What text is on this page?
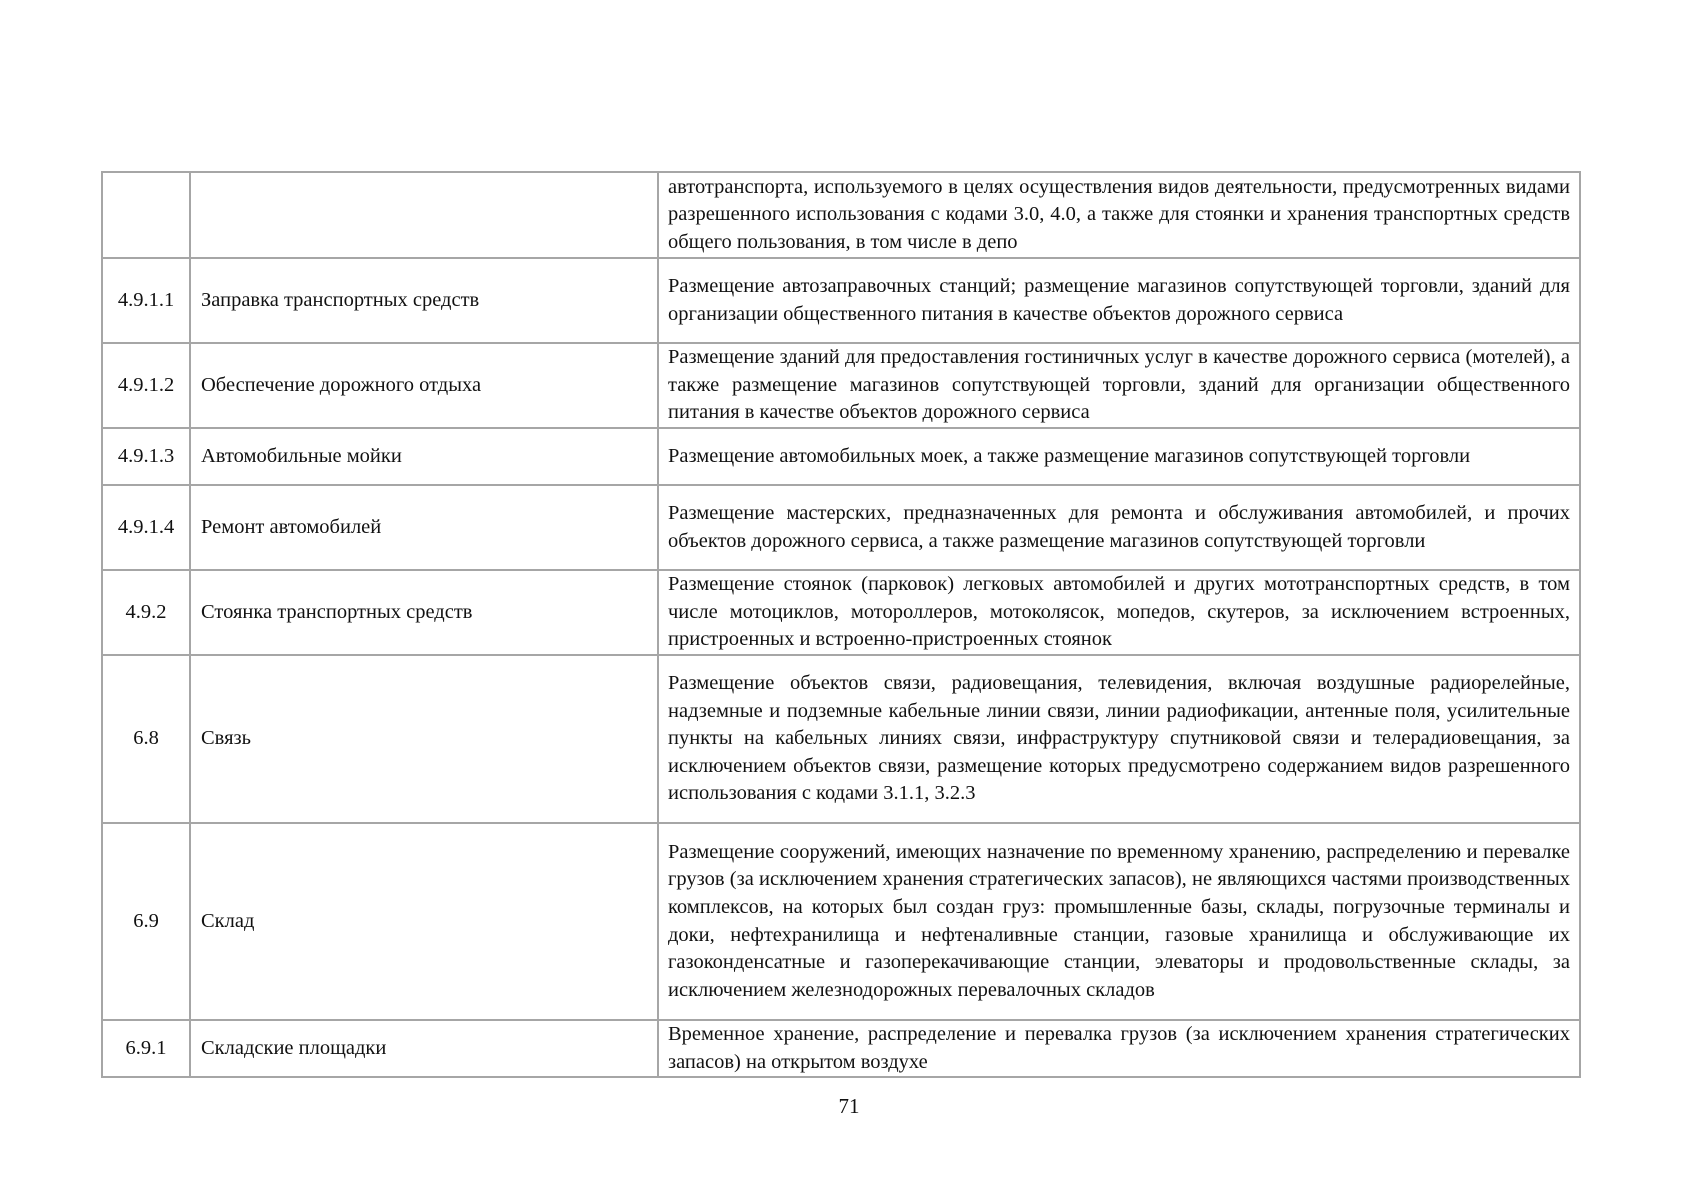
		автотранспорта, используемого в целях осуществления видов деятельности, предусмотренных видами разрешенного использования с кодами 3.0, 4.0, а также для стоянки и хранения транспортных средств общего пользования, в том числе в депо
4.9.1.1	Заправка транспортных средств	Размещение автозаправочных станций; размещение магазинов сопутствующей торговли, зданий для организации общественного питания в качестве объектов дорожного сервиса
4.9.1.2	Обеспечение дорожного отдыха	Размещение зданий для предоставления гостиничных услуг в качестве дорожного сервиса (мотелей), а также размещение магазинов сопутствующей торговли, зданий для организации общественного питания в качестве объектов дорожного сервиса
4.9.1.3	Автомобильные мойки	Размещение автомобильных моек, а также размещение магазинов сопутствующей торговли
4.9.1.4	Ремонт автомобилей	Размещение мастерских, предназначенных для ремонта и обслуживания автомобилей, и прочих объектов дорожного сервиса, а также размещение магазинов сопутствующей торговли
4.9.2	Стоянка транспортных средств	Размещение стоянок (парковок) легковых автомобилей и других мототранспортных средств, в том числе мотоциклов, мотороллеров, мотоколясок, мопедов, скутеров, за исключением встроенных, пристроенных и встроенно-пристроенных стоянок
6.8	Связь	Размещение объектов связи, радиовещания, телевидения, включая воздушные радиорелейные, надземные и подземные кабельные линии связи, линии радиофикации, антенные поля, усилительные пункты на кабельных линиях связи, инфраструктуру спутниковой связи и телерадиовещания, за исключением объектов связи, размещение которых предусмотрено содержанием видов разрешенного использования с кодами 3.1.1, 3.2.3
6.9	Склад	Размещение сооружений, имеющих назначение по временному хранению, распределению и перевалке грузов (за исключением хранения стратегических запасов), не являющихся частями производственных комплексов, на которых был создан груз: промышленные базы, склады, погрузочные терминалы и доки, нефтехранилища и нефтеналивные станции, газовые хранилища и обслуживающие их газоконденсатные и газоперекачивающие станции, элеваторы и продовольственные склады, за исключением железнодорожных перевалочных складов
6.9.1	Складские площадки	Временное хранение, распределение и перевалка грузов (за исключением хранения стратегических запасов) на открытом воздухе
71
